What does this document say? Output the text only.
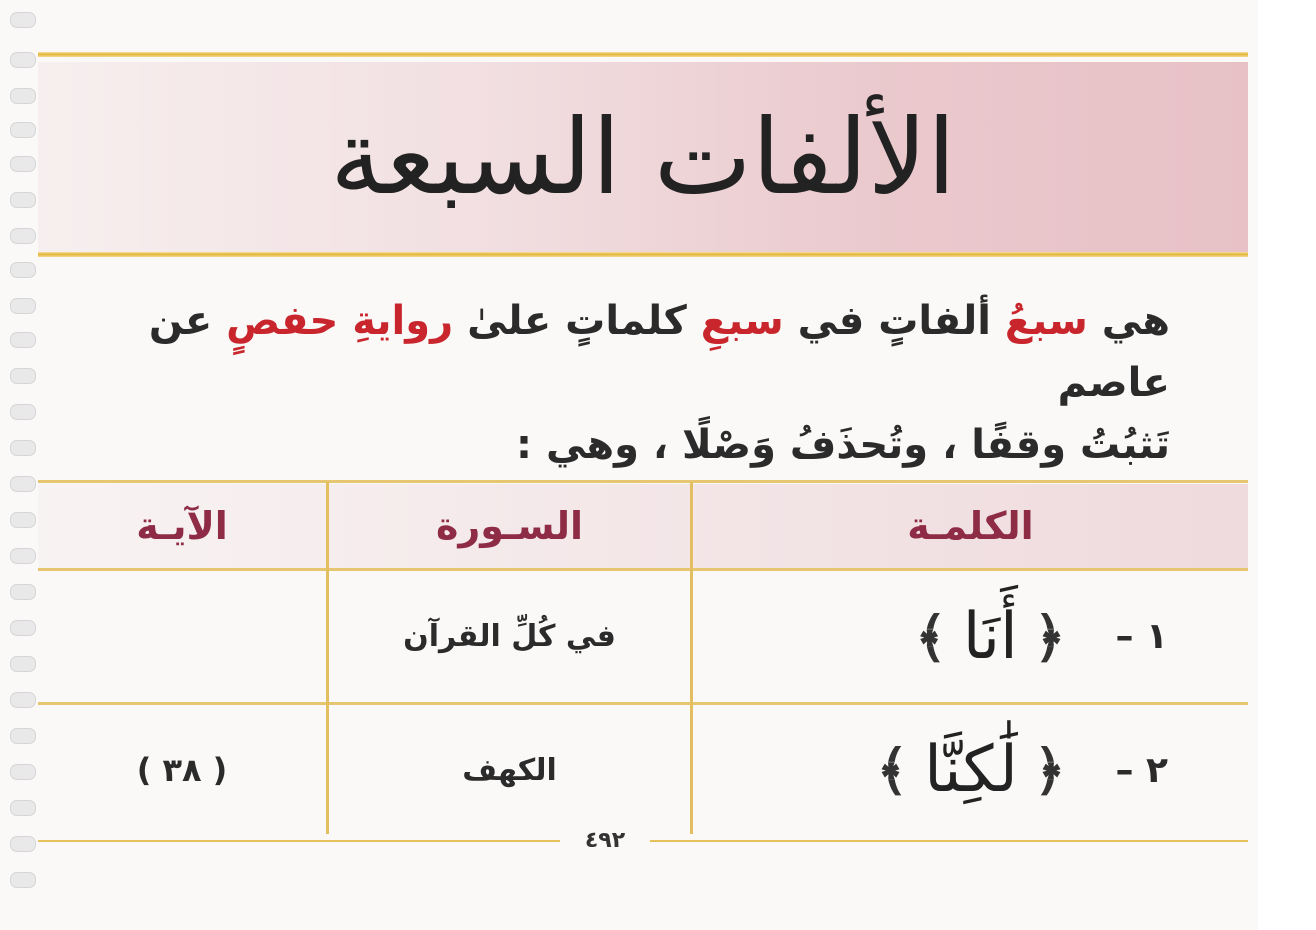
الألفات السبعة
هي سبعُ ألفاتٍ في سبعِ كلماتٍ علىٰ روايةِ حفصٍ عن عاصم
تَثبُتُ وقفًا ، وتُحذَفُ وَصْلًا ، وهي :
الكلمـة
السـورة
الآيـة
١ –
﴿
أَنَا
﴾
في كُلِّ القرآن
٢ –
﴿
لَٰكِنَّا
﴾
الكهف
( ٣٨ )
٤٩٢
